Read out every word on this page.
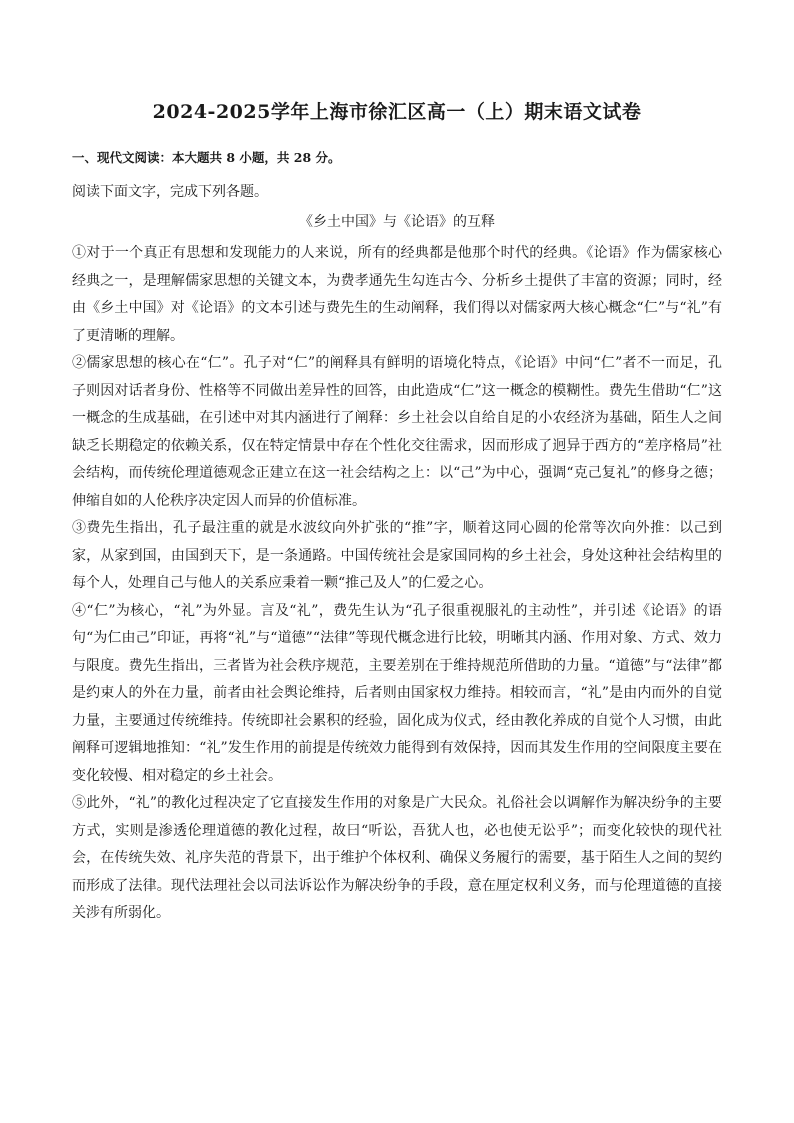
2024-2025学年上海市徐汇区高一（上）期末语文试卷
一、现代文阅读：本大题共 8 小题，共 28 分。
阅读下面文字，完成下列各题。
《乡土中国》与《论语》的互释

①对于一个真正有思想和发现能力的人来说，所有的经典都是他那个时代的经典。《论语》作为儒家核心经典之一，是理解儒家思想的关键文本，为费孝通先生勾连古今、分析乡土提供了丰富的资源；同时，经由《乡土中国》对《论语》的文本引述与费先生的生动阐释，我们得以对儒家两大核心概念“仁”与“礼”有了更清晰的理解。

②儒家思想的核心在“仁”。孔子对“仁”的阐释具有鲜明的语境化特点，《论语》中问“仁”者不一而足，孔子则因对话者身份、性格等不同做出差异性的回答，由此造成“仁”这一概念的模糊性。费先生借助“仁”这一概念的生成基础，在引述中对其内涵进行了阐释：乡土社会以自给自足的小农经济为基础，陌生人之间缺乏长期稳定的依赖关系，仅在特定情景中存在个性化交往需求，因而形成了迥异于西方的“差序格局”社会结构，而传统伦理道德观念正建立在这一社会结构之上：以“己”为中心，强调“克己复礼”的修身之德；伸缩自如的人伦秩序决定因人而异的价值标准。

③费先生指出，孔子最注重的就是水波纹向外扩张的“推”字，顺着这同心圆的伦常等次向外推：以己到家，从家到国，由国到天下，是一条通路。中国传统社会是家国同构的乡土社会，身处这种社会结构里的每个人，处理自己与他人的关系应秉着一颗“推己及人”的仁爱之心。

④“仁”为核心，“礼”为外显。言及“礼”，费先生认为“孔子很重视服礼的主动性”，并引述《论语》的语句“为仁由己”印证，再将“礼”与“道德”“法律”等现代概念进行比较，明晰其内涵、作用对象、方式、效力与限度。费先生指出，三者皆为社会秩序规范，主要差别在于维持规范所借助的力量。“道德”与“法律”都是约束人的外在力量，前者由社会舆论维持，后者则由国家权力维持。相较而言，“礼”是由内而外的自觉力量，主要通过传统维持。传统即社会累积的经验，固化成为仪式，经由教化养成的自觉个人习惯，由此阐释可逻辑地推知：“礼”发生作用的前提是传统效力能得到有效保持，因而其发生作用的空间限度主要在变化较慢、相对稳定的乡土社会。

⑤此外，“礼”的教化过程决定了它直接发生作用的对象是广大民众。礼俗社会以调解作为解决纷争的主要方式，实则是渗透伦理道德的教化过程，故曰“听讼，吾犹人也，必也使无讼乎”；而变化较快的现代社会，在传统失效、礼序失范的背景下，出于维护个体权利、确保义务履行的需要，基于陌生人之间的契约而形成了法律。现代法理社会以司法诉讼作为解决纷争的手段，意在厘定权利义务，而与伦理道德的直接关涉有所弱化。
